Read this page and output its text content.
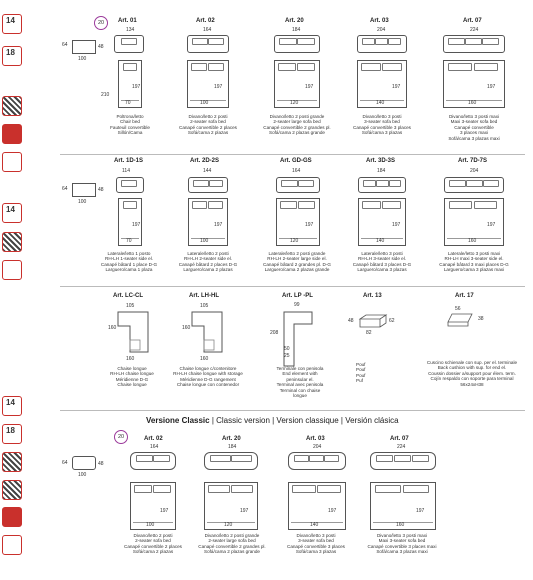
14
18
14
14
18
20
64	48
100
Art. 01
134
210
197
70
Poltrona/letto
Chair bed
Fauteuil convertible
Sillón/Cama
Art. 02
164
197
100
Divano/letto 2 posti
2-seater sofa bed
Canapé convertible 2 places
Sofá/cama 2 plazas
Art. 20
184
197
120
Divano/letto 2 posti grande
2-seater large sofa bed
Canapé convertible 2 grandes pl.
Sofá/cama 2 plazas grande
Art. 03
204
197
140
Divano/letto 3 posti
3-seater sofa bed
Canapé convertible 3 places
Sofá/cama 3 plazas
Art. 07
224
197
160
Divano/letto 3 posti maxi
Maxi 3-seater sofa bed
Canapé convertible
3 places maxi
Sofá/cama 3 plazas maxi
64	48
100
Art. 1D-1S
114
197
70
Laterale/letto 1 posto
RH-LH 1-seater side el.
Canapé bâtard 1 place D-G
Larguero/cama 1 plaza
Art. 2D-2S
144
197
100
Laterale/letto 2 posti
RH-LH 2-seater side el.
Canapé bâtard 2 places D-G
Larguero/cama 2 plazas
Art. GD-GS
164
197
120
Laterale/letto 2 posti grande
RH-LH 2-seater large side el.
Canapé bâtard 2 grandes pl. D-G
Larguero/cama 2 plazas grande
Art. 3D-3S
184
197
140
Laterale/letto 3 posti
RH-LH 3-seater side el.
Canapé bâtard 3 places D-G
Larguero/cama 3 plazas
Art. 7D-7S
204
197
160
Laterale/letto 3 posti maxi
RH-LH maxi 3-seater side el.
Canapé bâtard 3 maxi places D-G
Larguero/cama 3 plazas maxi
Art. LC-CL
105
160
160
Chaise longue
RH-LH chaise longue
Méridienne D-G
Chaise longue
Art. LH-HL
105
160
160
Chaise longue c/contenitore
RH-LH chaise longue with storage
Méridienne D-G rangement
Chaise longue con contenedor
Art. LP -PL
99
208
50
25
Terminale con penisola
End element with
peninsular el.
Terminal avec penisola
Terminal con chaise
longue
Art. 13
48	62
82
Pouf
Pouf
Pouf
Puf
Art. 17
56
38
Cuscino schienale con sup. per el. terminale
Back cushion with sup. for end el.
Coussin dossier a/support pour élem. term.
Cojín respaldo con soporte para terminal
56x24xH38
Versione Classic | Classic version | Version classique | Versión clásica
20
64	48
100
Art. 02
164
197
100
Divano/letto 2 posti
2-seater sofa bed
Canapé convertible 2 places
Sofá/cama 2 plazas
Art. 20
184
197
120
Divano/letto 2 posti grande
2-seater large sofa bed
Canapé convertible 2 grandes pl.
Sofá/cama 2 plazas grande
Art. 03
204
197
140
Divano/letto 3 posti
3-seater sofa bed
Canapé convertible 3 places
Sofá/cama 3 plazas
Art. 07
224
197
160
Divano/letto 3 posti maxi
Maxi 3-seater sofa bed
Canapé convertible 3 places maxi
Sofá/cama 3 plazas maxi
